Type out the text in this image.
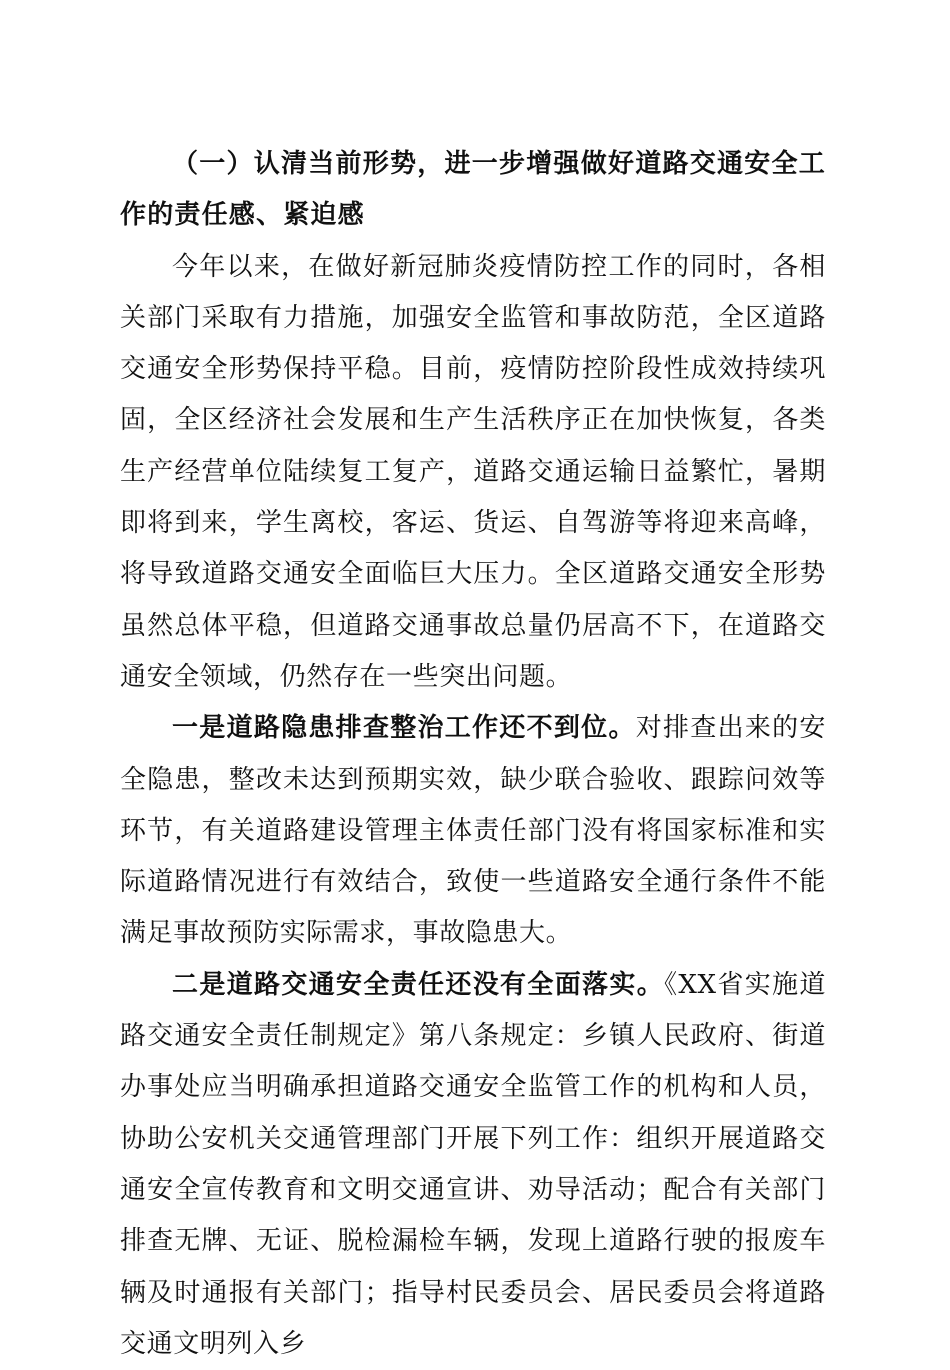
（一）认清当前形势，进一步增强做好道路交通安全工作的责任感、紧迫感

今年以来，在做好新冠肺炎疫情防控工作的同时，各相关部门采取有力措施，加强安全监管和事故防范，全区道路交通安全形势保持平稳。目前，疫情防控阶段性成效持续巩固，全区经济社会发展和生产生活秩序正在加快恢复，各类生产经营单位陆续复工复产，道路交通运输日益繁忙，暑期即将到来，学生离校，客运、货运、自驾游等将迎来高峰，将导致道路交通安全面临巨大压力。全区道路交通安全形势虽然总体平稳，但道路交通事故总量仍居高不下，在道路交通安全领域，仍然存在一些突出问题。

一是道路隐患排查整治工作还不到位。对排查出来的安全隐患，整改未达到预期实效，缺少联合验收、跟踪问效等环节，有关道路建设管理主体责任部门没有将国家标准和实际道路情况进行有效结合，致使一些道路安全通行条件不能满足事故预防实际需求，事故隐患大。

二是道路交通安全责任还没有全面落实。《XX省实施道路交通安全责任制规定》第八条规定：乡镇人民政府、街道办事处应当明确承担道路交通安全监管工作的机构和人员，协助公安机关交通管理部门开展下列工作：组织开展道路交通安全宣传教育和文明交通宣讲、劝导活动；配合有关部门排查无牌、无证、脱检漏检车辆，发现上道路行驶的报废车辆及时通报有关部门；指导村民委员会、居民委员会将道路交通文明列入乡
